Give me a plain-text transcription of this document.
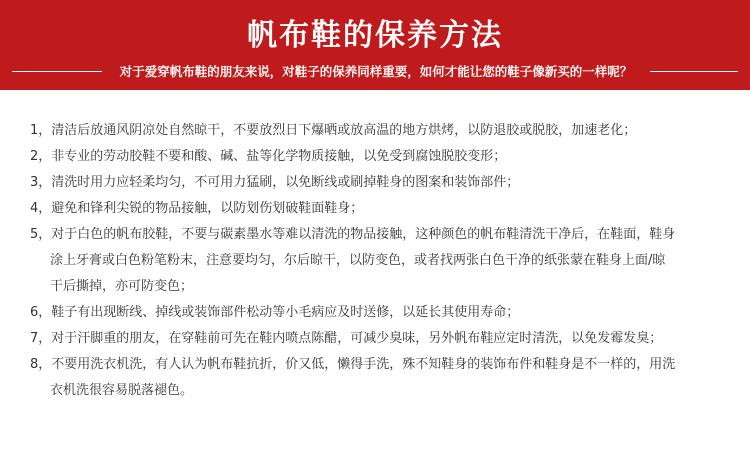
帆布鞋的保养方法
对于爱穿帆布鞋的朋友来说，对鞋子的保养同样重要，如何才能让您的鞋子像新买的一样呢？
1，清洁后放通风阴凉处自然晾干，不要放烈日下爆晒或放高温的地方烘烤，以防退胶或脱胶，加速老化；
2，非专业的劳动胶鞋不要和酸、碱、盐等化学物质接触，以免受到腐蚀脱胶变形；
3，清洗时用力应轻柔均匀，不可用力猛刷，以免断线或刷掉鞋身的图案和装饰部件；
4，避免和锋利尖锐的物品接触，以防划伤划破鞋面鞋身；
5，对于白色的帆布胶鞋，不要与碳素墨水等难以清洗的物品接触，这种颜色的帆布鞋清洗干净后，在鞋面，鞋身
涂上牙膏或白色粉笔粉末，注意要均匀，尔后晾干，以防变色，或者找两张白色干净的纸张蒙在鞋身上面/晾
干后撕掉，亦可防变色；
6，鞋子有出现断线、掉线或装饰部件松动等小毛病应及时送修，以延长其使用寿命；
7，对于汗脚重的朋友，在穿鞋前可先在鞋内喷点陈醋，可减少臭味，另外帆布鞋应定时清洗，以免发霉发臭；
8，不要用洗衣机洗，有人认为帆布鞋抗折，价又低，懒得手洗，殊不知鞋身的装饰布件和鞋身是不一样的，用洗
衣机洗很容易脱落褪色。
